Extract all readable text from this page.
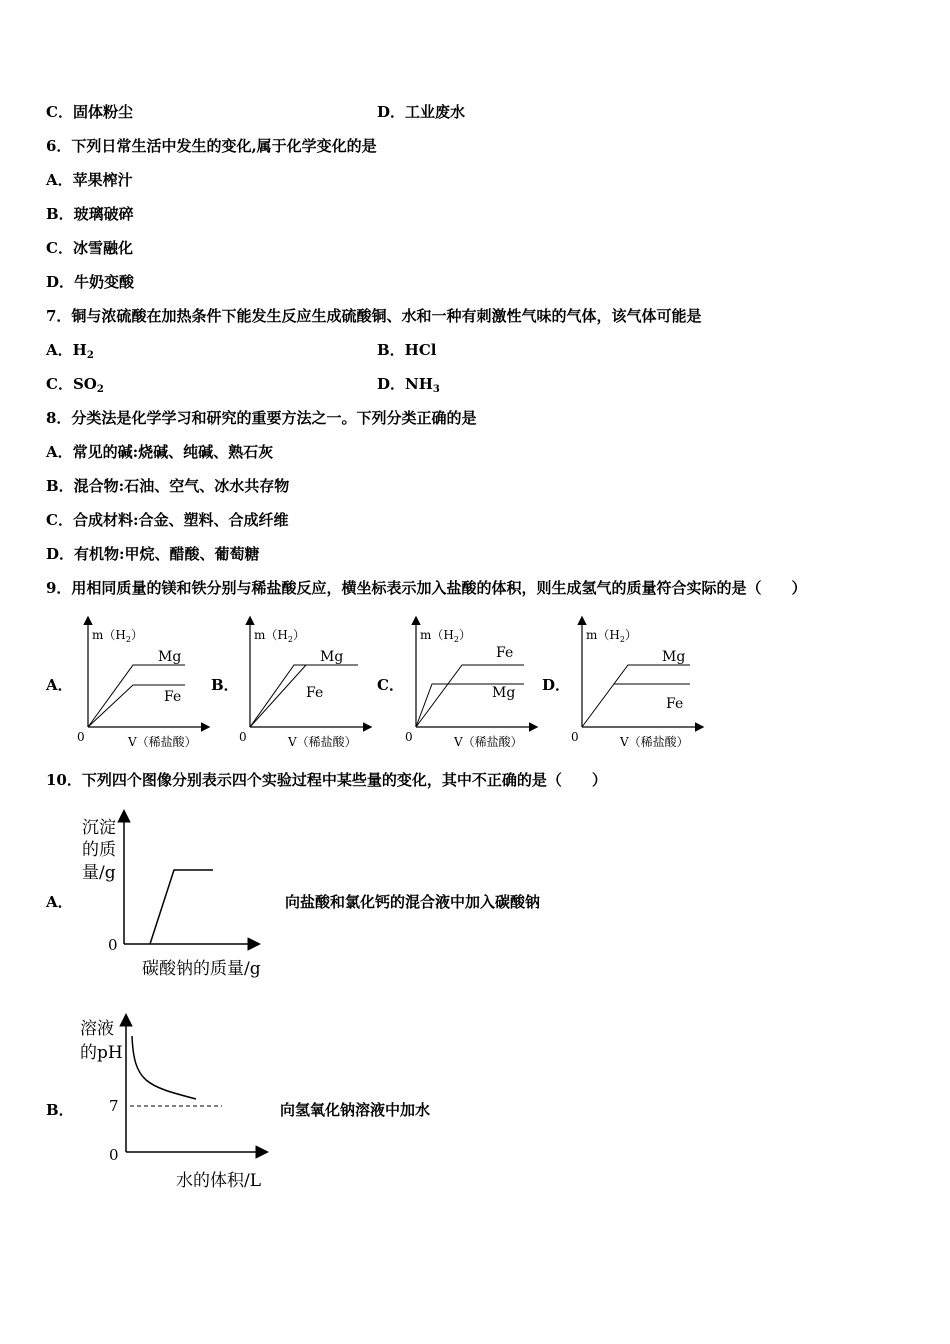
C．固体粉尘	D．工业废水
6．下列日常生活中发生的变化,属于化学变化的是
A．苹果榨汁
B．玻璃破碎
C．冰雪融化
D．牛奶变酸
7．铜与浓硫酸在加热条件下能发生反应生成硫酸铜、水和一种有刺激性气味的气体，该气体可能是
A．$H_2$	B．HCl
C．$SO_2$	D．$NH_3$
8．分类法是化学学习和研究的重要方法之一。下列分类正确的是
A．常见的碱:烧碱、纯碱、熟石灰
B．混合物:石油、空气、冰水共存物
C．合成材料:合金、塑料、合成纤维
D．有机物:甲烷、醋酸、葡萄糖
9．用相同质量的镁和铁分别与稀盐酸反应，横坐标表示加入盐酸的体积，则生成氢气的质量符合实际的是（　　）
A．
$m(H_2)$
Mg
Fe
0	V（稀盐酸）
B．
$m(H_2)$
Mg
Fe
0	V（稀盐酸）
C．
$m(H_2)$
Fe
Mg
0	V（稀盐酸）
D．
$m(H_2)$
Mg
Fe
0	V（稀盐酸）
10．下列四个图像分别表示四个实验过程中某些量的变化，其中不正确的是（　　）
A．
沉淀
的质
量/g
0
碳酸钠的质量/g
向盐酸和氯化钙的混合液中加入碳酸钠
B．
溶液
的pH
7
0
水的体积/L
向氢氧化钠溶液中加水
